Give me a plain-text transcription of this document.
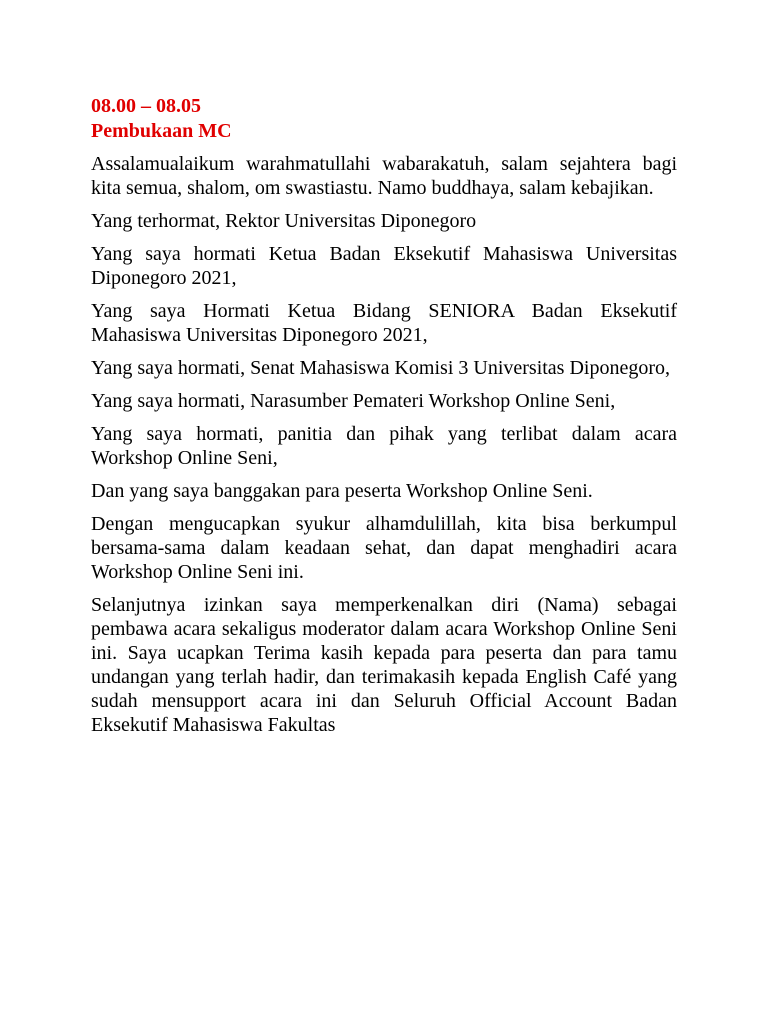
08.00 – 08.05

Pembukaan MC

Assalamualaikum warahmatullahi wabarakatuh, salam sejahtera bagi kita semua, shalom, om swastiastu. Namo buddhaya, salam kebajikan.

Yang terhormat, Rektor Universitas Diponegoro

Yang saya hormati Ketua Badan Eksekutif Mahasiswa Universitas Diponegoro 2021,

Yang saya Hormati Ketua Bidang SENIORA Badan Eksekutif Mahasiswa Universitas Diponegoro 2021,

Yang saya hormati, Senat Mahasiswa Komisi 3 Universitas Diponegoro,

Yang saya hormati, Narasumber Pemateri Workshop Online Seni,

Yang saya hormati, panitia dan pihak yang terlibat dalam acara Workshop Online Seni,

Dan yang saya banggakan para peserta Workshop Online Seni.

Dengan mengucapkan syukur alhamdulillah, kita bisa berkumpul bersama-sama dalam keadaan sehat, dan dapat menghadiri acara Workshop Online Seni ini.

Selanjutnya izinkan saya memperkenalkan diri (Nama) sebagai pembawa acara sekaligus moderator dalam acara Workshop Online Seni ini. Saya ucapkan Terima kasih kepada para peserta dan para tamu undangan yang terlah hadir, dan terimakasih kepada English Café yang sudah mensupport acara ini dan Seluruh Official Account Badan Eksekutif Mahasiswa Fakultas
